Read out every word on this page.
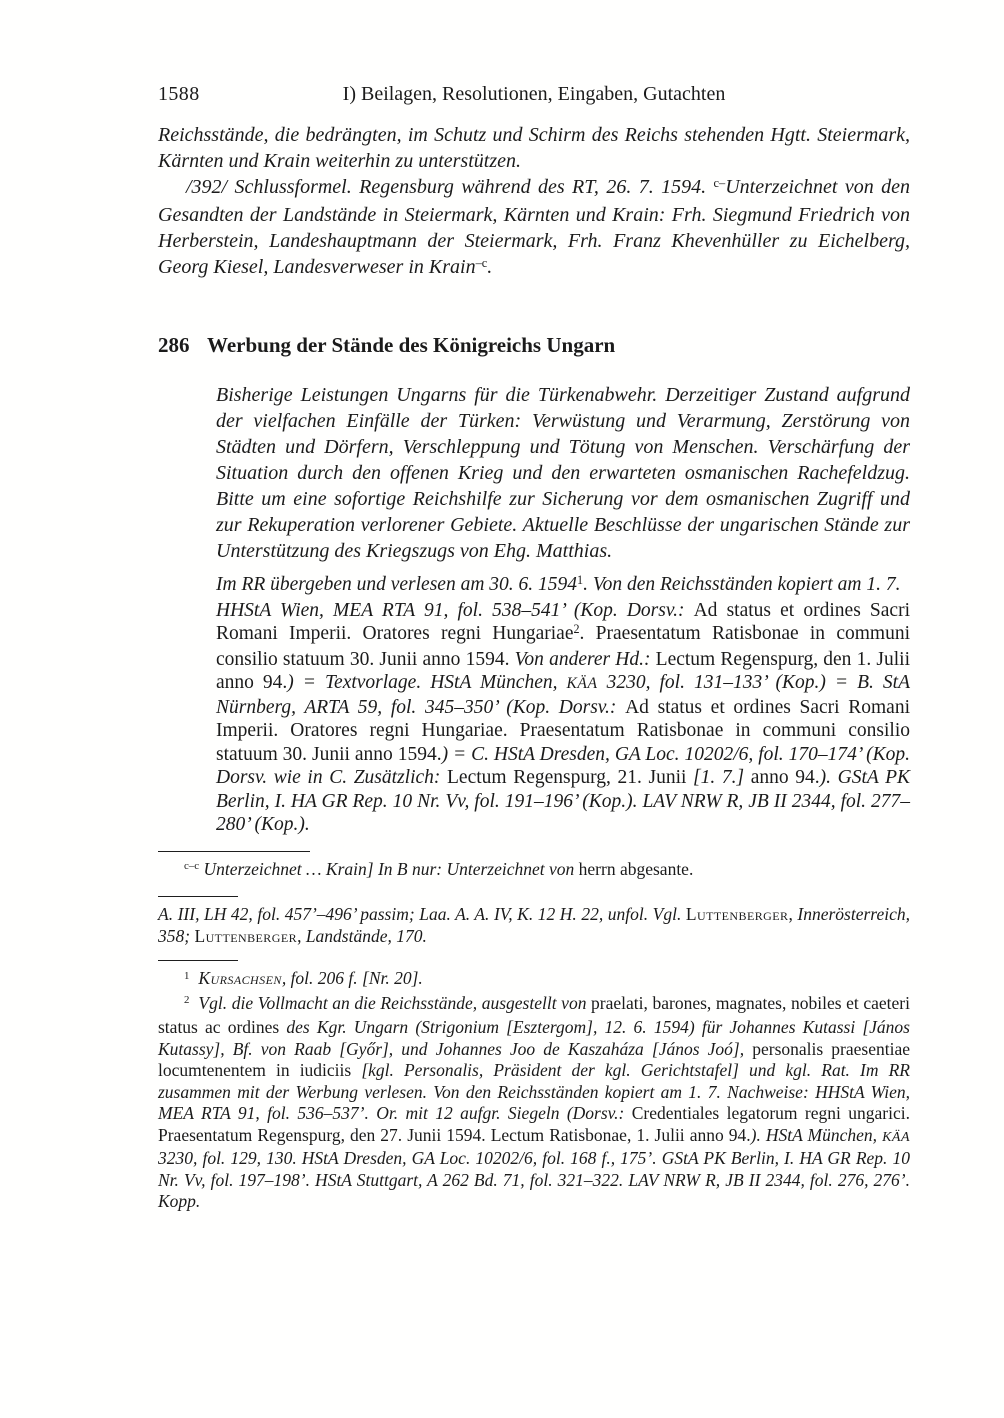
1588	I) Beilagen, Resolutionen, Eingaben, Gutachten

Reichsstände, die bedrängten, im Schutz und Schirm des Reichs stehenden Hgtt. Steiermark, Kärnten und Krain weiterhin zu unterstützen.

/392/ Schlussformel. Regensburg während des RT, 26. 7. 1594. $^{c-}$Unterzeichnet von den Gesandten der Landstände in Steiermark, Kärnten und Krain: Frh. Siegmund Friedrich von Herberstein, Landeshauptmann der Steiermark, Frh. Franz Khevenhüller zu Eichelberg, Georg Kiesel, Landesverweser in Krain$^{-c}$.

286 Werbung der Stände des Königreichs Ungarn

Bisherige Leistungen Ungarns für die Türkenabwehr. Derzeitiger Zustand aufgrund der vielfachen Einfälle der Türken: Verwüstung und Verarmung, Zerstörung von Städten und Dörfern, Verschleppung und Tötung von Menschen. Verschärfung der Situation durch den offenen Krieg und den erwarteten osmanischen Rachefeldzug. Bitte um eine sofortige Reichshilfe zur Sicherung vor dem osmanischen Zugriff und zur Rekuperation verlorener Gebiete. Aktuelle Beschlüsse der ungarischen Stände zur Unterstützung des Kriegszugs von Ehg. Matthias.

Im RR übergeben und verlesen am 30. 6. 1594$^1$. Von den Reichsständen kopiert am 1. 7.

HHStA Wien, MEA RTA 91, fol. 538–541’ (Kop. Dorsv.: Ad status et ordines Sacri Romani Imperii. Oratores regni Hungariae$^2$. Praesentatum Ratisbonae in communi consilio statuum 30. Junii anno 1594. Von anderer Hd.: Lectum Regenspurg, den 1. Julii anno 94.) = Textvorlage. HStA München, KÄA 3230, fol. 131–133’ (Kop.) = B. StA Nürnberg, ARTA 59, fol. 345–350’ (Kop. Dorsv.: Ad status et ordines Sacri Romani Imperii. Oratores regni Hungariae. Praesentatum Ratisbonae in communi consilio statuum 30. Junii anno 1594.) = C. HStA Dresden, GA Loc. 10202/6, fol. 170–174’ (Kop. Dorsv. wie in C. Zusätzlich: Lectum Regenspurg, 21. Junii [1. 7.] anno 94.). GStA PK Berlin, I. HA GR Rep. 10 Nr. Vv, fol. 191–196’ (Kop.). LAV NRW R, JB II 2344, fol. 277–280’ (Kop.).

$^{c-c}$ Unterzeichnet … Krain] In B nur: Unterzeichnet von herrn abgesante.

A. III, LH 42, fol. 457’–496’ passim; Laa. A. A. IV, K. 12 H. 22, unfol. Vgl. Luttenberger, Innerösterreich, 358; Luttenberger, Landstände, 170.

$^1$ Kursachsen, fol. 206 f. [Nr. 20].

$^2$ Vgl. die Vollmacht an die Reichsstände, ausgestellt von praelati, barones, magnates, nobiles et caeteri status ac ordines des Kgr. Ungarn (Strigonium [Esztergom], 12. 6. 1594) für Johannes Kutassi [János Kutassy], Bf. von Raab [Győr], und Johannes Joo de Kaszaháza [János Joó], personalis praesentiae locumtenentem in iudiciis [kgl. Personalis, Präsident der kgl. Gerichtstafel] und kgl. Rat. Im RR zusammen mit der Werbung verlesen. Von den Reichsständen kopiert am 1. 7. Nachweise: HHStA Wien, MEA RTA 91, fol. 536–537’. Or. mit 12 aufgr. Siegeln (Dorsv.: Credentiales legatorum regni ungarici. Praesentatum Regenspurg, den 27. Junii 1594. Lectum Ratisbonae, 1. Julii anno 94.). HStA München, KÄA 3230, fol. 129, 130. HStA Dresden, GA Loc. 10202/6, fol. 168 f., 175’. GStA PK Berlin, I. HA GR Rep. 10 Nr. Vv, fol. 197–198’. HStA Stuttgart, A 262 Bd. 71, fol. 321–322. LAV NRW R, JB II 2344, fol. 276, 276’. Kopp.
